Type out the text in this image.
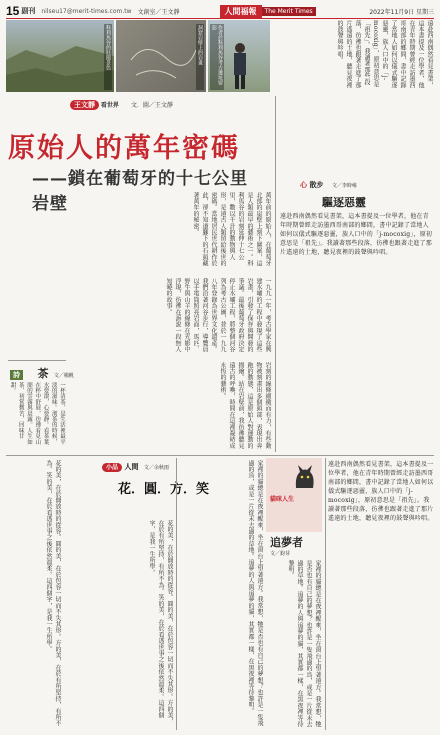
15 副刊 nilseu17@merit-times.com.tw 文創室／王文靜	人間福報	The Merit Times	2022年11月9日 星期三
科利馬谷的壯闊景色	洞窟岩壁上的岩畫	作者於科利馬谷考古遺址留影
王文靜 看世界 文．圖／王文靜
原始人的萬年密碼
——鎖在葡萄牙的十七公里岩壁	萬年前的原始人，在葡萄牙北部的崖壁上刻下圖案，這是人類最早的藝術之一。科利馬谷的岩刻延伸十七公里，數以千計的動物與人形，是遠古人類留給後世的密碼。當地居民世代耕作於此，卻不知道腳下的石頭藏著萬年的秘密。

一九九一年，考古學家在興建水壩的工程中發現了這些岩畫，引發了保存與開發的爭議。最後葡萄牙政府決定停止水壩工程，將整個河谷列為考古公園，並於一九九八年登錄為世界文化遺產。我們沿著河谷步行，導覽員以手電筒照亮岩面，馬匹、野牛與山羊的線條在光影中浮現，彷彿在訴說一段無人知曉的故事。

岩刻的線條細緻而有力，有些動物被刻畫出多個頭部，表現出奔跑的動態，這是原始人對運動的描繪。站在岩壁前，我彷彿聽見遠古的呼喚，時間在這裡凝結成永恆的藝術。

詩 茶 文／楊帆

一杯清茶，是生活裡最平淡的滋味。沏茶的時候，水要滾，心要靜。看茶葉在杯中舒展，彷彿看見山間的雲霧與晨露。人生如茶，初嘗微苦，回味甘甜。

遠赴西南偶然看見書架，這本書提及一位學者，他在青年時期曾經走訪墨西哥南部的鄉間，書中記錄了當地人如何以儀式驅逐惡靈，族人口中的「j-mocoxig」，原初意思是「祖先」。我讀著那些段落，彷彿也跟著走進了那片遙遠的土地，聽見夜裡的鼓聲與吟唱。

心 散步 文／李時雍
驅逐惡靈

遠赴西南偶然看見書架，這本書提及一位學者，他在青年時期曾經走訪墨西哥南部的鄉間，書中記錄了當地人如何以儀式驅逐惡靈，族人口中的「j-mocoxig」，原初意思是「祖先」。我讀著那些段落，彷彿也跟著走進了那片遙遠的土地，聽見夜裡的鼓聲與吟唱。

花的美，在於開放時的從容。圓的美，在於包容一切而不失其形。方的美，在於有所堅持，有所不為。笑的美，在於看透世事之後依然溫柔。這四個字，是我一生所學。	小品 人間 文／余秋雨
花．圓．方．笑

花的美，在於開放時的從容。圓的美，在於包容一切而不失其形。方的美，在於有所堅持，有所不為。笑的美，在於看透世事之後依然溫柔。這四個字，是我一生所學。	家裡的貓總是在夜裡醒來，坐在窗台上望著遠方。我常想，牠是否也有自己的夢想？也許是一隻飛過的鳥，或是一片從未去過的草地。追夢的人與追夢的貓，其實都一樣，在黑夜裡等待黎明。	貓咪人生
追夢者
文／鈞芽

家裡的貓總是在夜裡醒來，坐在窗台上望著遠方。我常想，牠是否也有自己的夢想？也許是一隻飛過的鳥，或是一片從未去過的草地。追夢的人與追夢的貓，其實都一樣，在黑夜裡等待黎明。

遠赴西南偶然看見書架，這本書提及一位學者，他在青年時期曾經走訪墨西哥南部的鄉間，書中記錄了當地人如何以儀式驅逐惡靈，族人口中的「j-mocoxig」，原初意思是「祖先」。我讀著那些段落，彷彿也跟著走進了那片遙遠的土地，聽見夜裡的鼓聲與吟唱。
